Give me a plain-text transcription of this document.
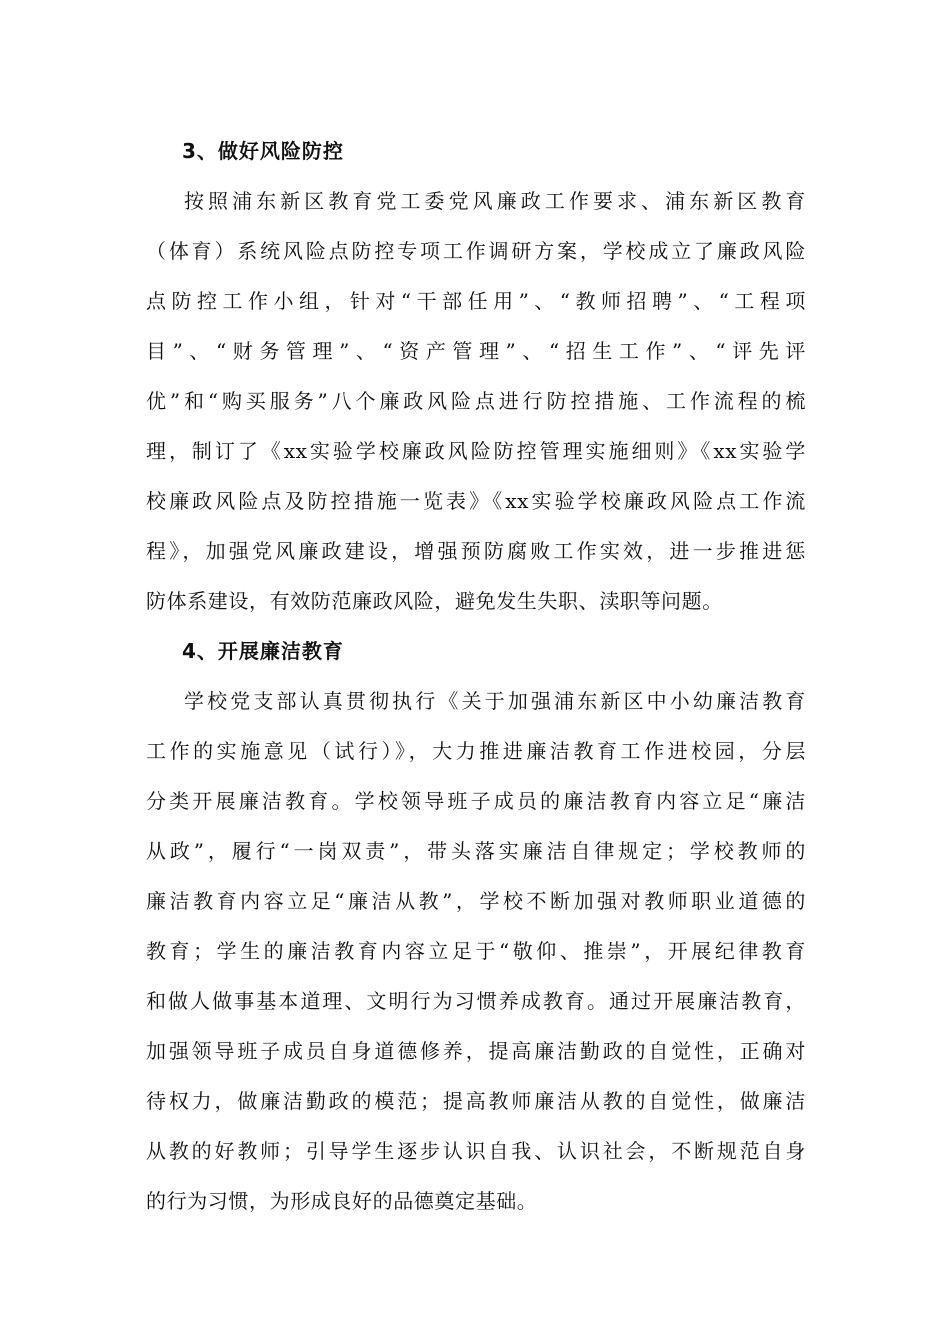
3、做好风险防控
按照浦东新区教育党工委党风廉政工作要求、浦东新区教育
（体育）系统风险点防控专项工作调研方案，学校成立了廉政风险
点防控工作小组，针对“干部任用”、“教师招聘”、“工程项
目”、“财务管理”、“资产管理”、“招生工作”、“评先评
优”和“购买服务”八个廉政风险点进行防控措施、工作流程的梳
理，制订了《xx实验学校廉政风险防控管理实施细则》《xx实验学
校廉政风险点及防控措施一览表》《xx实验学校廉政风险点工作流
程》，加强党风廉政建设，增强预防腐败工作实效，进一步推进惩
防体系建设，有效防范廉政风险，避免发生失职、渎职等问题。
4、开展廉洁教育
学校党支部认真贯彻执行《关于加强浦东新区中小幼廉洁教育
工作的实施意见（试行）》，大力推进廉洁教育工作进校园，分层
分类开展廉洁教育。学校领导班子成员的廉洁教育内容立足“廉洁
从政”，履行“一岗双责”，带头落实廉洁自律规定；学校教师的
廉洁教育内容立足“廉洁从教”，学校不断加强对教师职业道德的
教育；学生的廉洁教育内容立足于“敬仰、推崇”，开展纪律教育
和做人做事基本道理、文明行为习惯养成教育。通过开展廉洁教育，
加强领导班子成员自身道德修养，提高廉洁勤政的自觉性，正确对
待权力，做廉洁勤政的模范；提高教师廉洁从教的自觉性，做廉洁
从教的好教师；引导学生逐步认识自我、认识社会，不断规范自身
的行为习惯，为形成良好的品德奠定基础。
